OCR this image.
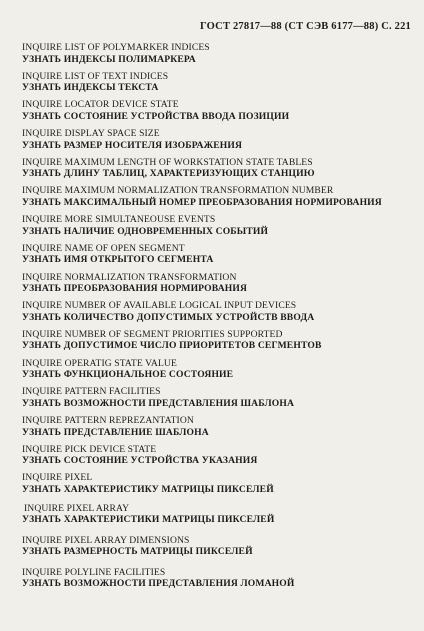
ГОСТ 27817—88 (СТ СЭВ 6177—88) С. 221
INQUIRE LIST OF POLYMARKER INDICES
УЗНАТЬ ИНДЕКСЫ ПОЛИМАРКЕРА
INQUIRE LIST OF TEXT INDICES
УЗНАТЬ ИНДЕКСЫ ТЕКСТА
INQUIRE LOCATOR DEVICE STATE
УЗНАТЬ СОСТОЯНИЕ УСТРОЙСТВА ВВОДА ПОЗИЦИИ
INQUIRE DISPLAY SPACE SIZE
УЗНАТЬ РАЗМЕР НОСИТЕЛЯ ИЗОБРАЖЕНИЯ
INQUIRE MAXIMUM LENGTH OF WORKSTATION STATE TABLES
УЗНАТЬ ДЛИНУ ТАБЛИЦ, ХАРАКТЕРИЗУЮЩИХ СТАНЦИЮ
INQUIRE MAXIMUM NORMALIZATION TRANSFORMATION NUMBER
УЗНАТЬ МАКСИМАЛЬНЫЙ НОМЕР ПРЕОБРАЗОВАНИЯ НОРМИРОВАНИЯ
INQUIRE MORE SIMULTANEOUSE EVENTS
УЗНАТЬ НАЛИЧИЕ ОДНОВРЕМЕННЫХ СОБЫТИЙ
INQUIRE NAME OF OPEN SEGMENT
УЗНАТЬ ИМЯ ОТКРЫТОГО СЕГМЕНТА
INQUIRE NORMALIZATION TRANSFORMATION
УЗНАТЬ ПРЕОБРАЗОВАНИЯ НОРМИРОВАНИЯ
INQUIRE NUMBER OF AVAILABLE LOGICAL INPUT DEVICES
УЗНАТЬ КОЛИЧЕСТВО ДОПУСТИМЫХ УСТРОЙСТВ ВВОДА
INQUIRE NUMBER OF SEGMENT PRIORITIES SUPPORTED
УЗНАТЬ ДОПУСТИМОЕ ЧИСЛО ПРИОРИТЕТОВ СЕГМЕНТОВ
INQUIRE OPERATIG STATE VALUE
УЗНАТЬ ФУНКЦИОНАЛЬНОЕ СОСТОЯНИЕ
INQUIRE PATTERN FACILITIES
УЗНАТЬ ВОЗМОЖНОСТИ ПРЕДСТАВЛЕНИЯ ШАБЛОНА
INQUIRE PATTERN REPREZANTATION
УЗНАТЬ ПРЕДСТАВЛЕНИЕ ШАБЛОНА
INQUIRE PICK DEVICE STATE
УЗНАТЬ СОСТОЯНИЕ УСТРОЙСТВА УКАЗАНИЯ
INQUIRE PIXEL
УЗНАТЬ ХАРАКТЕРИСТИКУ МАТРИЦЫ ПИКСЕЛЕЙ
INQUIRE PIXEL ARRAY
УЗНАТЬ ХАРАКТЕРИСТИКИ МАТРИЦЫ ПИКСЕЛЕЙ
INQUIRE PIXEL ARRAY DIMENSIONS
УЗНАТЬ РАЗМЕРНОСТЬ МАТРИЦЫ ПИКСЕЛЕЙ
INQUIRE POLYLINE FACILITIES
УЗНАТЬ ВОЗМОЖНОСТИ ПРЕДСТАВЛЕНИЯ ЛОМАНОЙ
